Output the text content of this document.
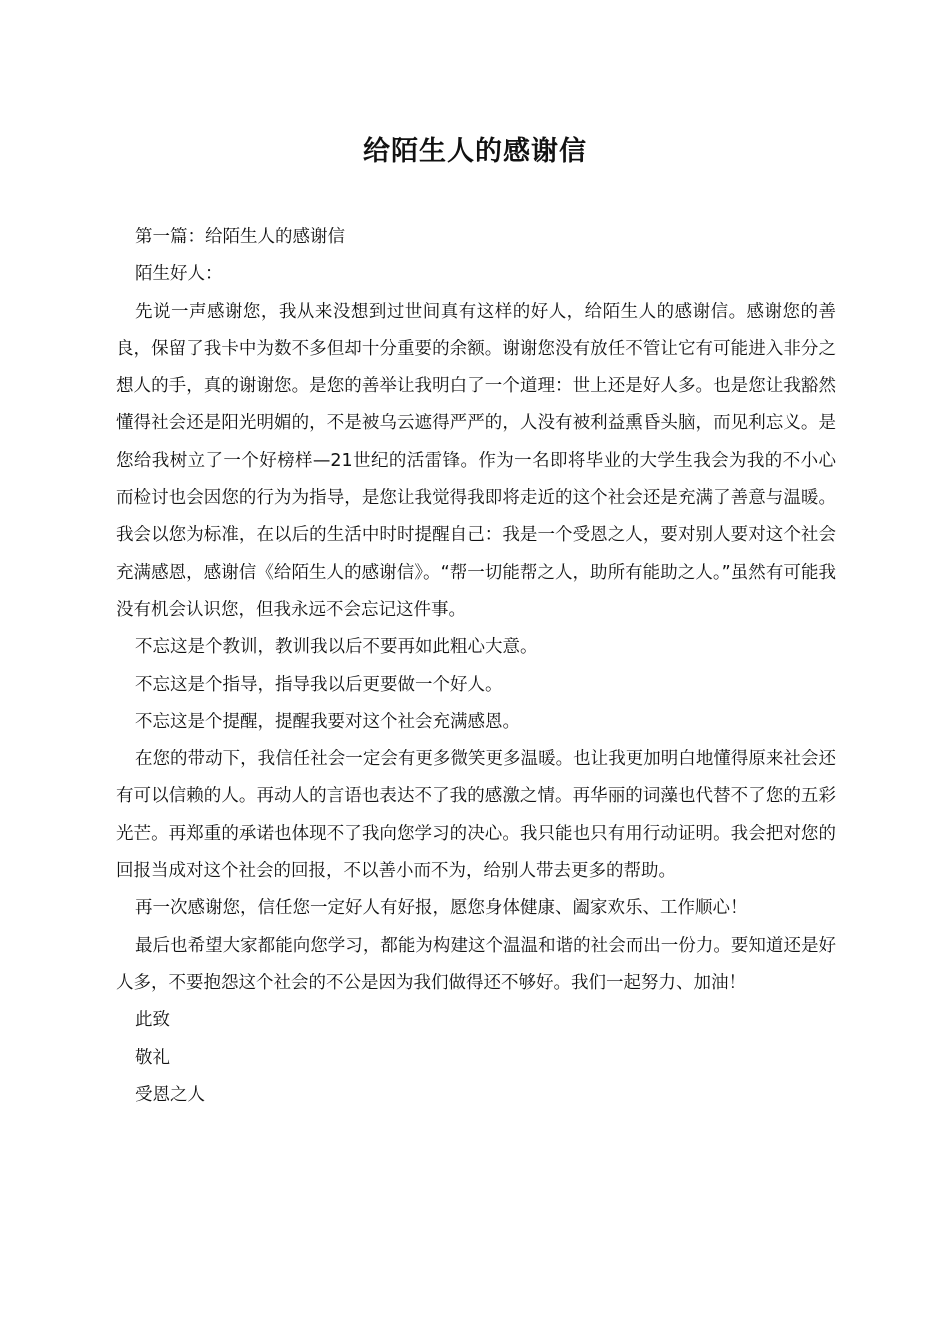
给陌生人的感谢信

第一篇：给陌生人的感谢信

陌生好人：

先说一声感谢您，我从来没想到过世间真有这样的好人，给陌生人的感谢信。感谢您的善良，保留了我卡中为数不多但却十分重要的余额。谢谢您没有放任不管让它有可能进入非分之想人的手，真的谢谢您。是您的善举让我明白了一个道理：世上还是好人多。也是您让我豁然懂得社会还是阳光明媚的，不是被乌云遮得严严的，人没有被利益熏昏头脑，而见利忘义。是您给我树立了一个好榜样—21世纪的活雷锋。作为一名即将毕业的大学生我会为我的不小心而检讨也会因您的行为为指导，是您让我觉得我即将走近的这个社会还是充满了善意与温暖。我会以您为标准，在以后的生活中时时提醒自己：我是一个受恩之人，要对别人要对这个社会充满感恩，感谢信《给陌生人的感谢信》。“帮一切能帮之人，助所有能助之人。”虽然有可能我没有机会认识您，但我永远不会忘记这件事。

不忘这是个教训，教训我以后不要再如此粗心大意。

不忘这是个指导，指导我以后更要做一个好人。

不忘这是个提醒，提醒我要对这个社会充满感恩。

在您的带动下，我信任社会一定会有更多微笑更多温暖。也让我更加明白地懂得原来社会还有可以信赖的人。再动人的言语也表达不了我的感激之情。再华丽的词藻也代替不了您的五彩光芒。再郑重的承诺也体现不了我向您学习的决心。我只能也只有用行动证明。我会把对您的回报当成对这个社会的回报，不以善小而不为，给别人带去更多的帮助。

再一次感谢您，信任您一定好人有好报，愿您身体健康、阖家欢乐、工作顺心！

最后也希望大家都能向您学习，都能为构建这个温温和谐的社会而出一份力。要知道还是好人多，不要抱怨这个社会的不公是因为我们做得还不够好。我们一起努力、加油！

此致

敬礼

受恩之人
